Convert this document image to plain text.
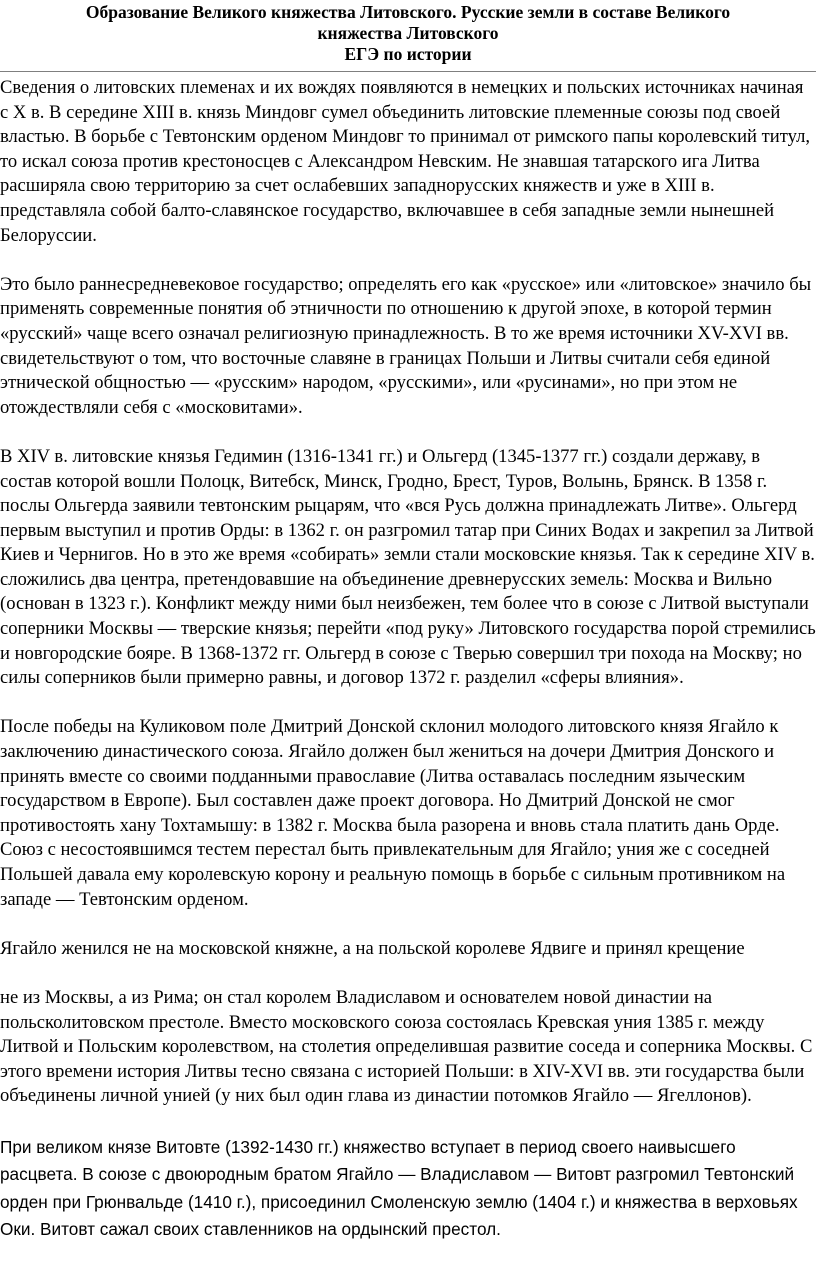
Образование Великого княжества Литовского. Русские земли в составе Великого
княжества Литовского
ЕГЭ по истории

Сведения о литовских племенах и их вождях появляются в немецких и польских источниках начиная с X в. В середине XIII в. князь Миндовг сумел объединить литовские племенные союзы под своей властью. В борьбе с Тевтонским орденом Миндовг то принимал от римского папы королевский титул, то искал союза против крестоносцев с Александром Невским. Не знавшая татарского ига Литва расширяла свою территорию за счет ослабевших западнорусских княжеств и уже в XIII в. представляла собой балто-славянское государство, включавшее в себя западные земли нынешней Белоруссии.

Это было раннесредневековое государство; определять его как «русское» или «литовское» значило бы применять современные понятия об этничности по отношению к другой эпохе, в которой термин «русский» чаще всего означал религиозную принадлежность. В то же время источники XV-XVI вв. свидетельствуют о том, что восточные славяне в границах Польши и Литвы считали себя единой этнической общностью — «русским» народом, «русскими», или «русинами», но при этом не отождествляли себя с «московитами».

В XIV в. литовские князья Гедимин (1316-1341 гг.) и Ольгерд (1345-1377 гг.) создали державу, в состав которой вошли Полоцк, Витебск, Минск, Гродно, Брест, Туров, Волынь, Брянск. В 1358 г. послы Ольгерда заявили тевтонским рыцарям, что «вся Русь должна принадлежать Литве». Ольгерд первым выступил и против Орды: в 1362 г. он разгромил татар при Синих Водах и закрепил за Литвой Киев и Чернигов. Но в это же время «собирать» земли стали московские князья. Так к середине XIV в. сложились два центра, претендовавшие на объединение древнерусских земель: Москва и Вильно (основан в 1323 г.). Конфликт между ними был неизбежен, тем более что в союзе с Литвой выступали соперники Москвы — тверские князья; перейти «под руку» Литовского государства порой стремились и новгородские бояре. В 1368-1372 гг. Ольгерд в союзе с Тверью совершил три похода на Москву; но силы соперников были примерно равны, и договор 1372 г. разделил «сферы влияния».

После победы на Куликовом поле Дмитрий Донской склонил молодого литовского князя Ягайло к заключению династического союза. Ягайло должен был жениться на дочери Дмитрия Донского и принять вместе со своими подданными православие (Литва оставалась последним языческим государством в Европе). Был составлен даже проект договора. Но Дмитрий Донской не смог противостоять хану Тохтамышу: в 1382 г. Москва была разорена и вновь стала платить дань Орде. Союз с несостоявшимся тестем перестал быть привлекательным для Ягайло; уния же с соседней Польшей давала ему королевскую корону и реальную помощь в борьбе с сильным противником на западе — Тевтонским орденом.

Ягайло женился не на московской княжне, а на польской королеве Ядвиге и принял крещение

не из Москвы, а из Рима; он стал королем Владиславом и основателем новой династии на польсколитовском престоле. Вместо московского союза состоялась Кревская уния 1385 г. между Литвой и Польским королевством, на столетия определившая развитие соседа и соперника Москвы. С этого времени история Литвы тесно связана с историей Польши: в XIV-XVI вв. эти государства были объединены личной унией (у них был один глава из династии потомков Ягайло — Ягеллонов).

При великом князе Витовте (1392-1430 гг.) княжество вступает в период своего наивысшего расцвета. В союзе с двоюродным братом Ягайло — Владиславом — Витовт разгромил Тевтонский орден при Грюнвальде (1410 г.), присоединил Смоленскую землю (1404 г.) и княжества в верховьях Оки. Витовт сажал своих ставленников на ордынский престол.
